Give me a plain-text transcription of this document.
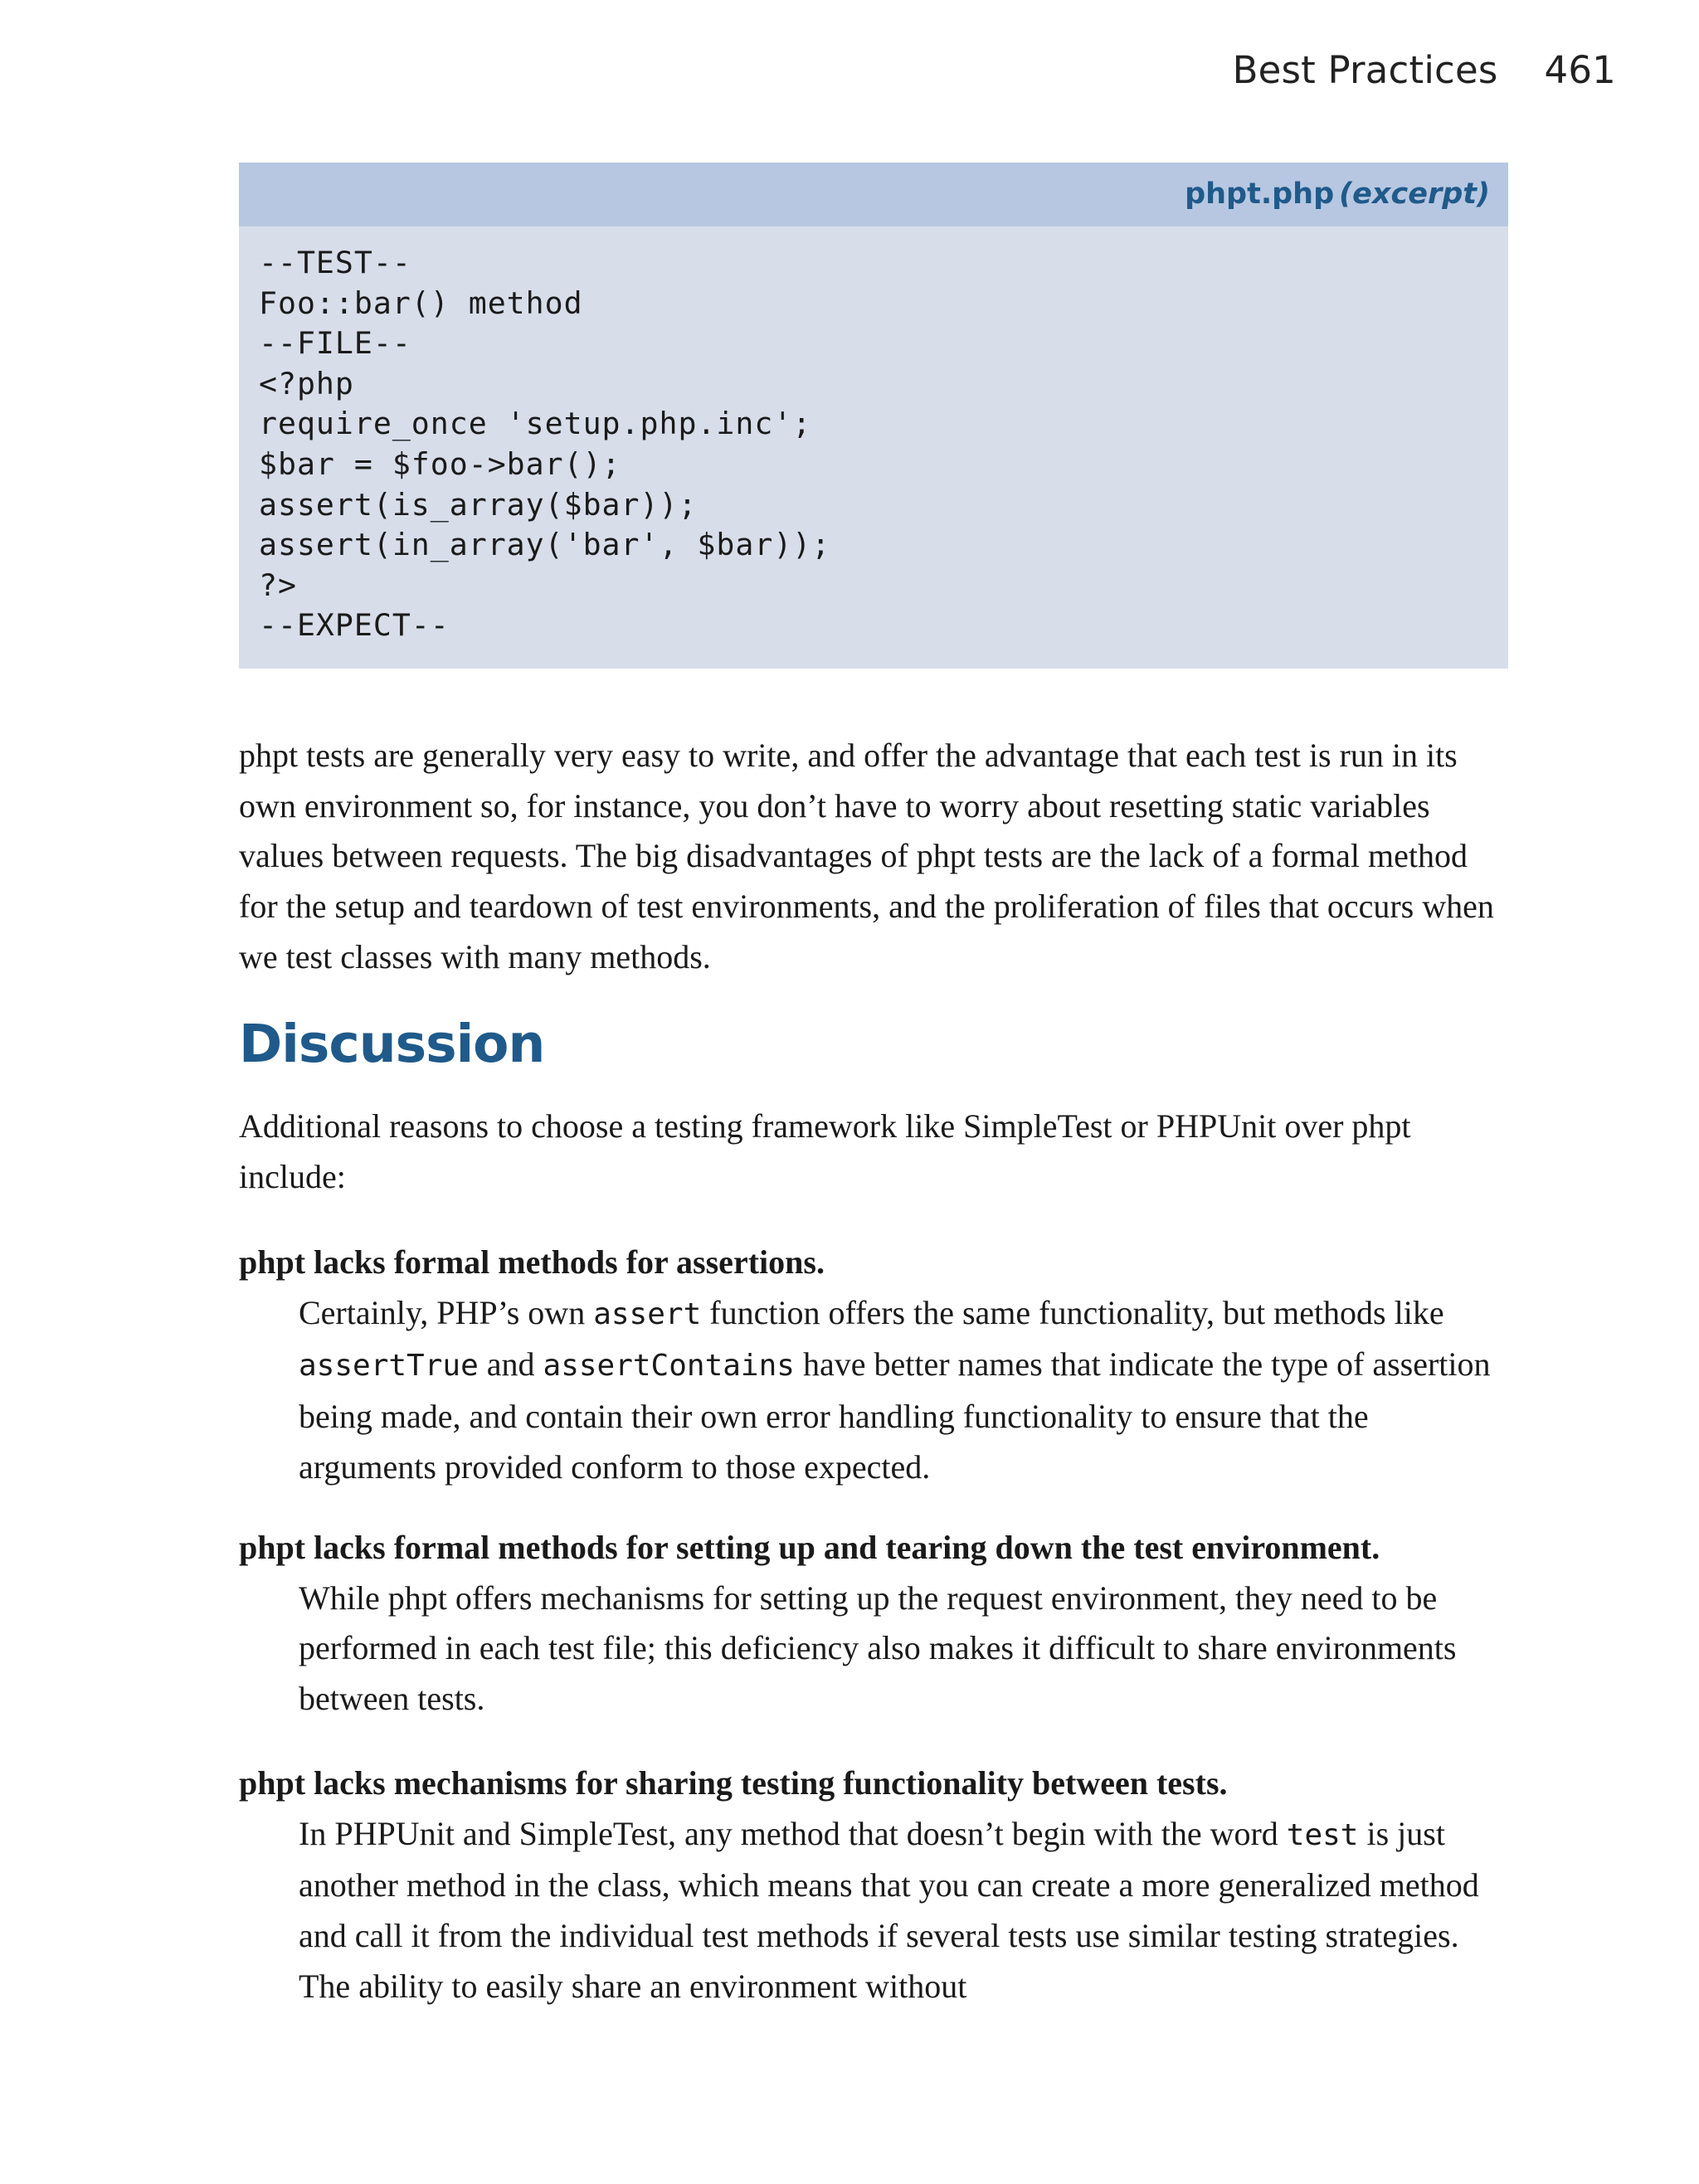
Best Practices 461
phpt.php (excerpt)
--TEST--
Foo::bar() method
--FILE--
<?php
require_once 'setup.php.inc';
$bar = $foo->bar();
assert(is_array($bar));
assert(in_array('bar', $bar));
?>
--EXPECT--

phpt tests are generally very easy to write, and offer the advantage that each test is run in its own environment so, for instance, you don’t have to worry about resetting static variables values between requests. The big disadvantages of phpt tests are the lack of a formal method for the setup and teardown of test environments, and the proliferation of files that occurs when we test classes with many methods.

Discussion

Additional reasons to choose a testing framework like SimpleTest or PHPUnit over phpt include:

phpt lacks formal methods for assertions.

Certainly, PHP’s own assert function offers the same functionality, but methods like assertTrue and assertContains have better names that indicate the type of assertion being made, and contain their own error handling functionality to ensure that the arguments provided conform to those expected.

phpt lacks formal methods for setting up and tearing down the test environment.

While phpt offers mechanisms for setting up the request environment, they need to be performed in each test file; this deficiency also makes it difficult to share environments between tests.

phpt lacks mechanisms for sharing testing functionality between tests.

In PHPUnit and SimpleTest, any method that doesn’t begin with the word test is just another method in the class, which means that you can create a more generalized method and call it from the individual test methods if several tests use similar testing strategies. The ability to easily share an environment without
